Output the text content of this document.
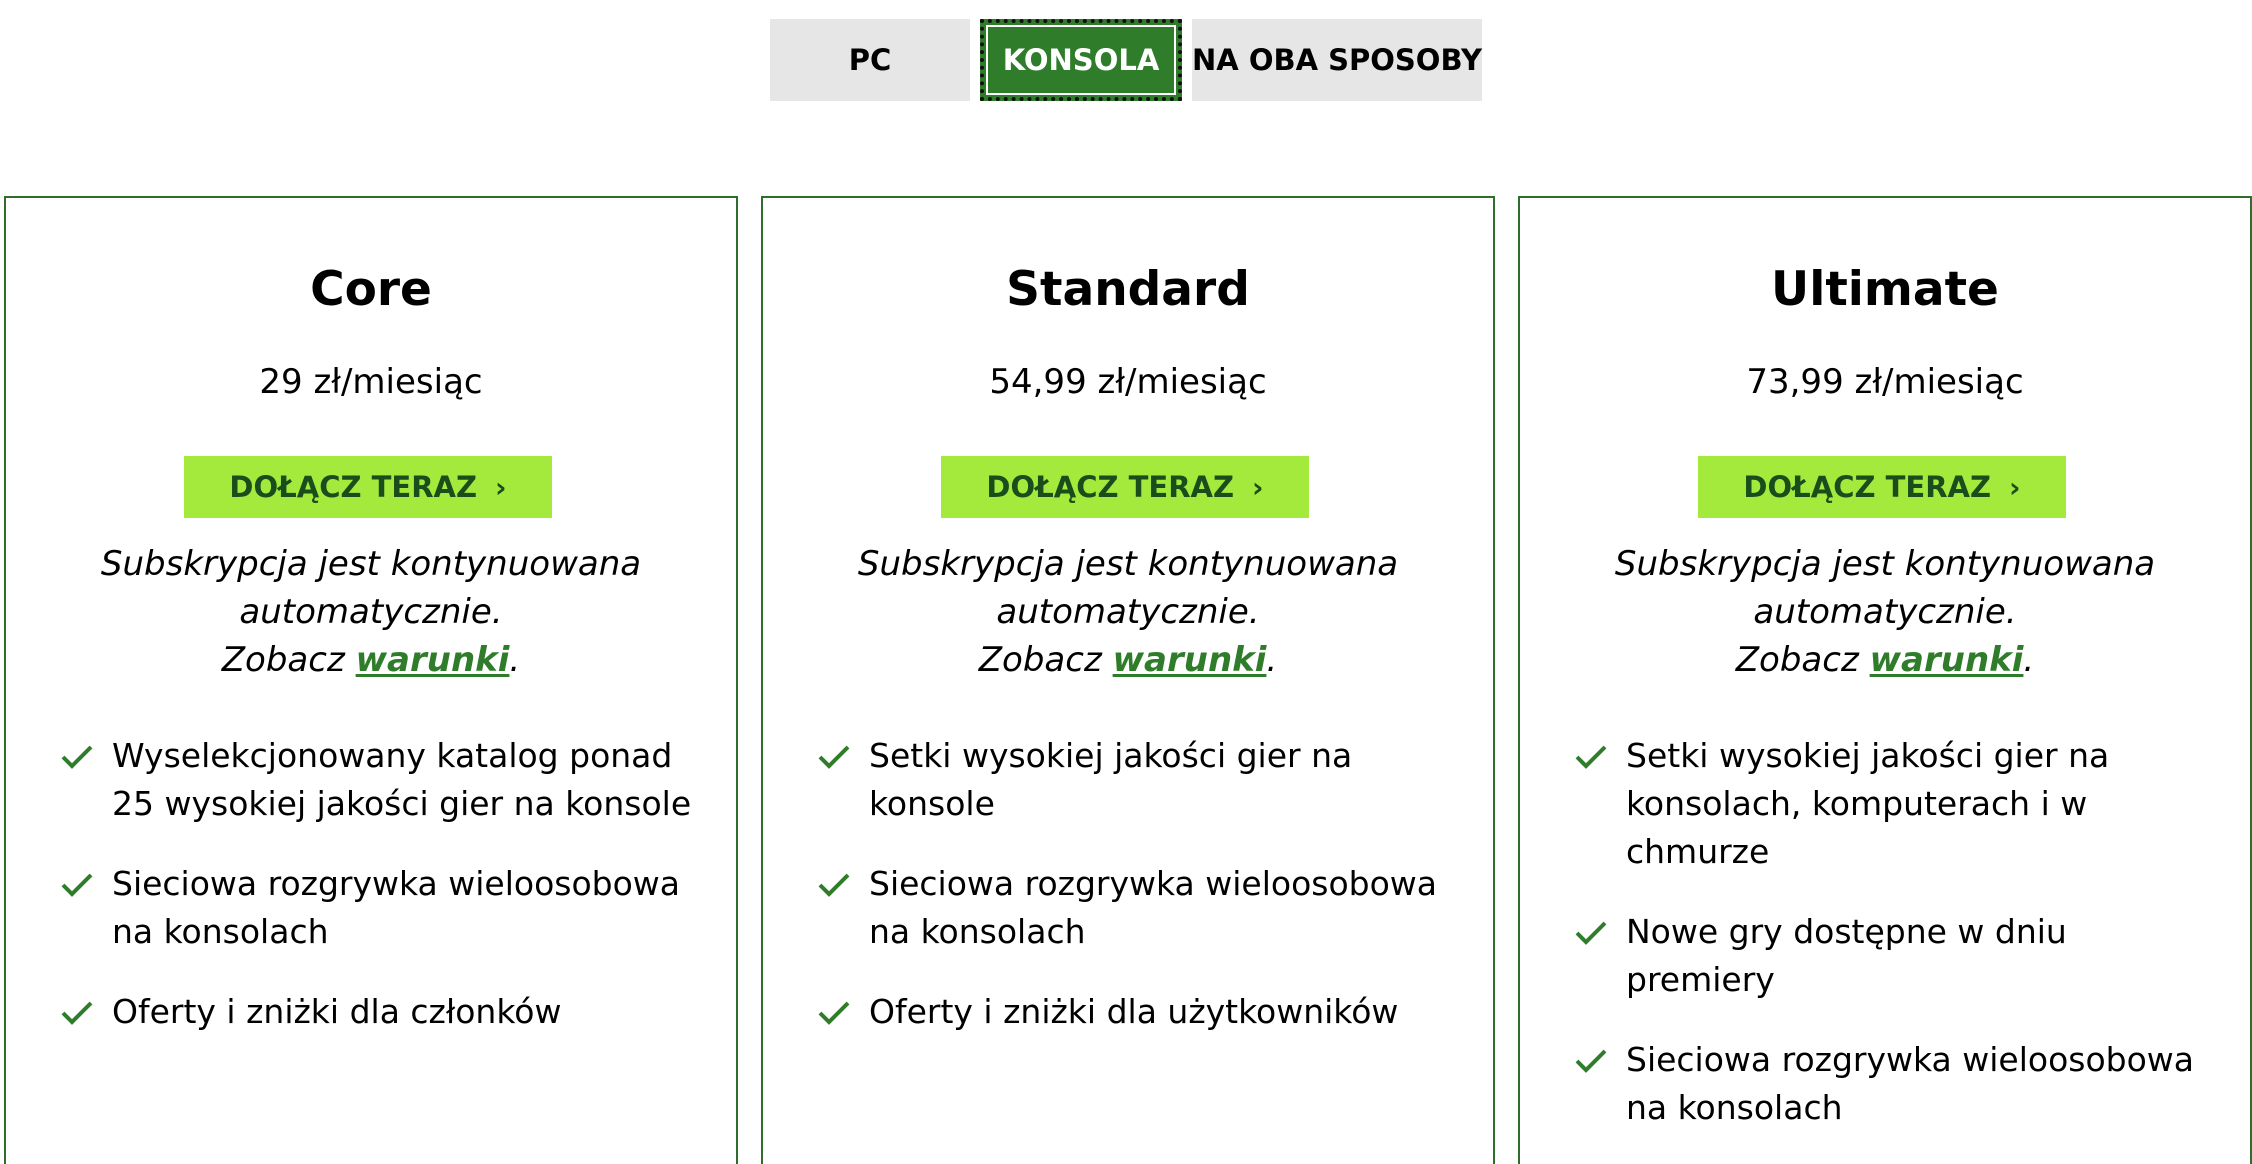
PC	KONSOLA	NA OBA SPOSOBY
Core
29 zł/miesiąc
DOŁĄCZ TERAZ ›
Subskrypcja jest kontynuowana automatycznie.
Zobacz warunki.
Wyselekcjonowany katalog ponad 25 wysokiej jakości gier na konsole
Sieciowa rozgrywka wieloosobowa na konsolach
Oferty i zniżki dla członków
Standard
54,99 zł/miesiąc
DOŁĄCZ TERAZ ›
Subskrypcja jest kontynuowana automatycznie.
Zobacz warunki.
Setki wysokiej jakości gier na konsole
Sieciowa rozgrywka wieloosobowa na konsolach
Oferty i zniżki dla użytkowników
Ultimate
73,99 zł/miesiąc
DOŁĄCZ TERAZ ›
Subskrypcja jest kontynuowana automatycznie.
Zobacz warunki.
Setki wysokiej jakości gier na konsolach, komputerach i w chmurze
Nowe gry dostępne w dniu premiery
Sieciowa rozgrywka wieloosobowa na konsolach
